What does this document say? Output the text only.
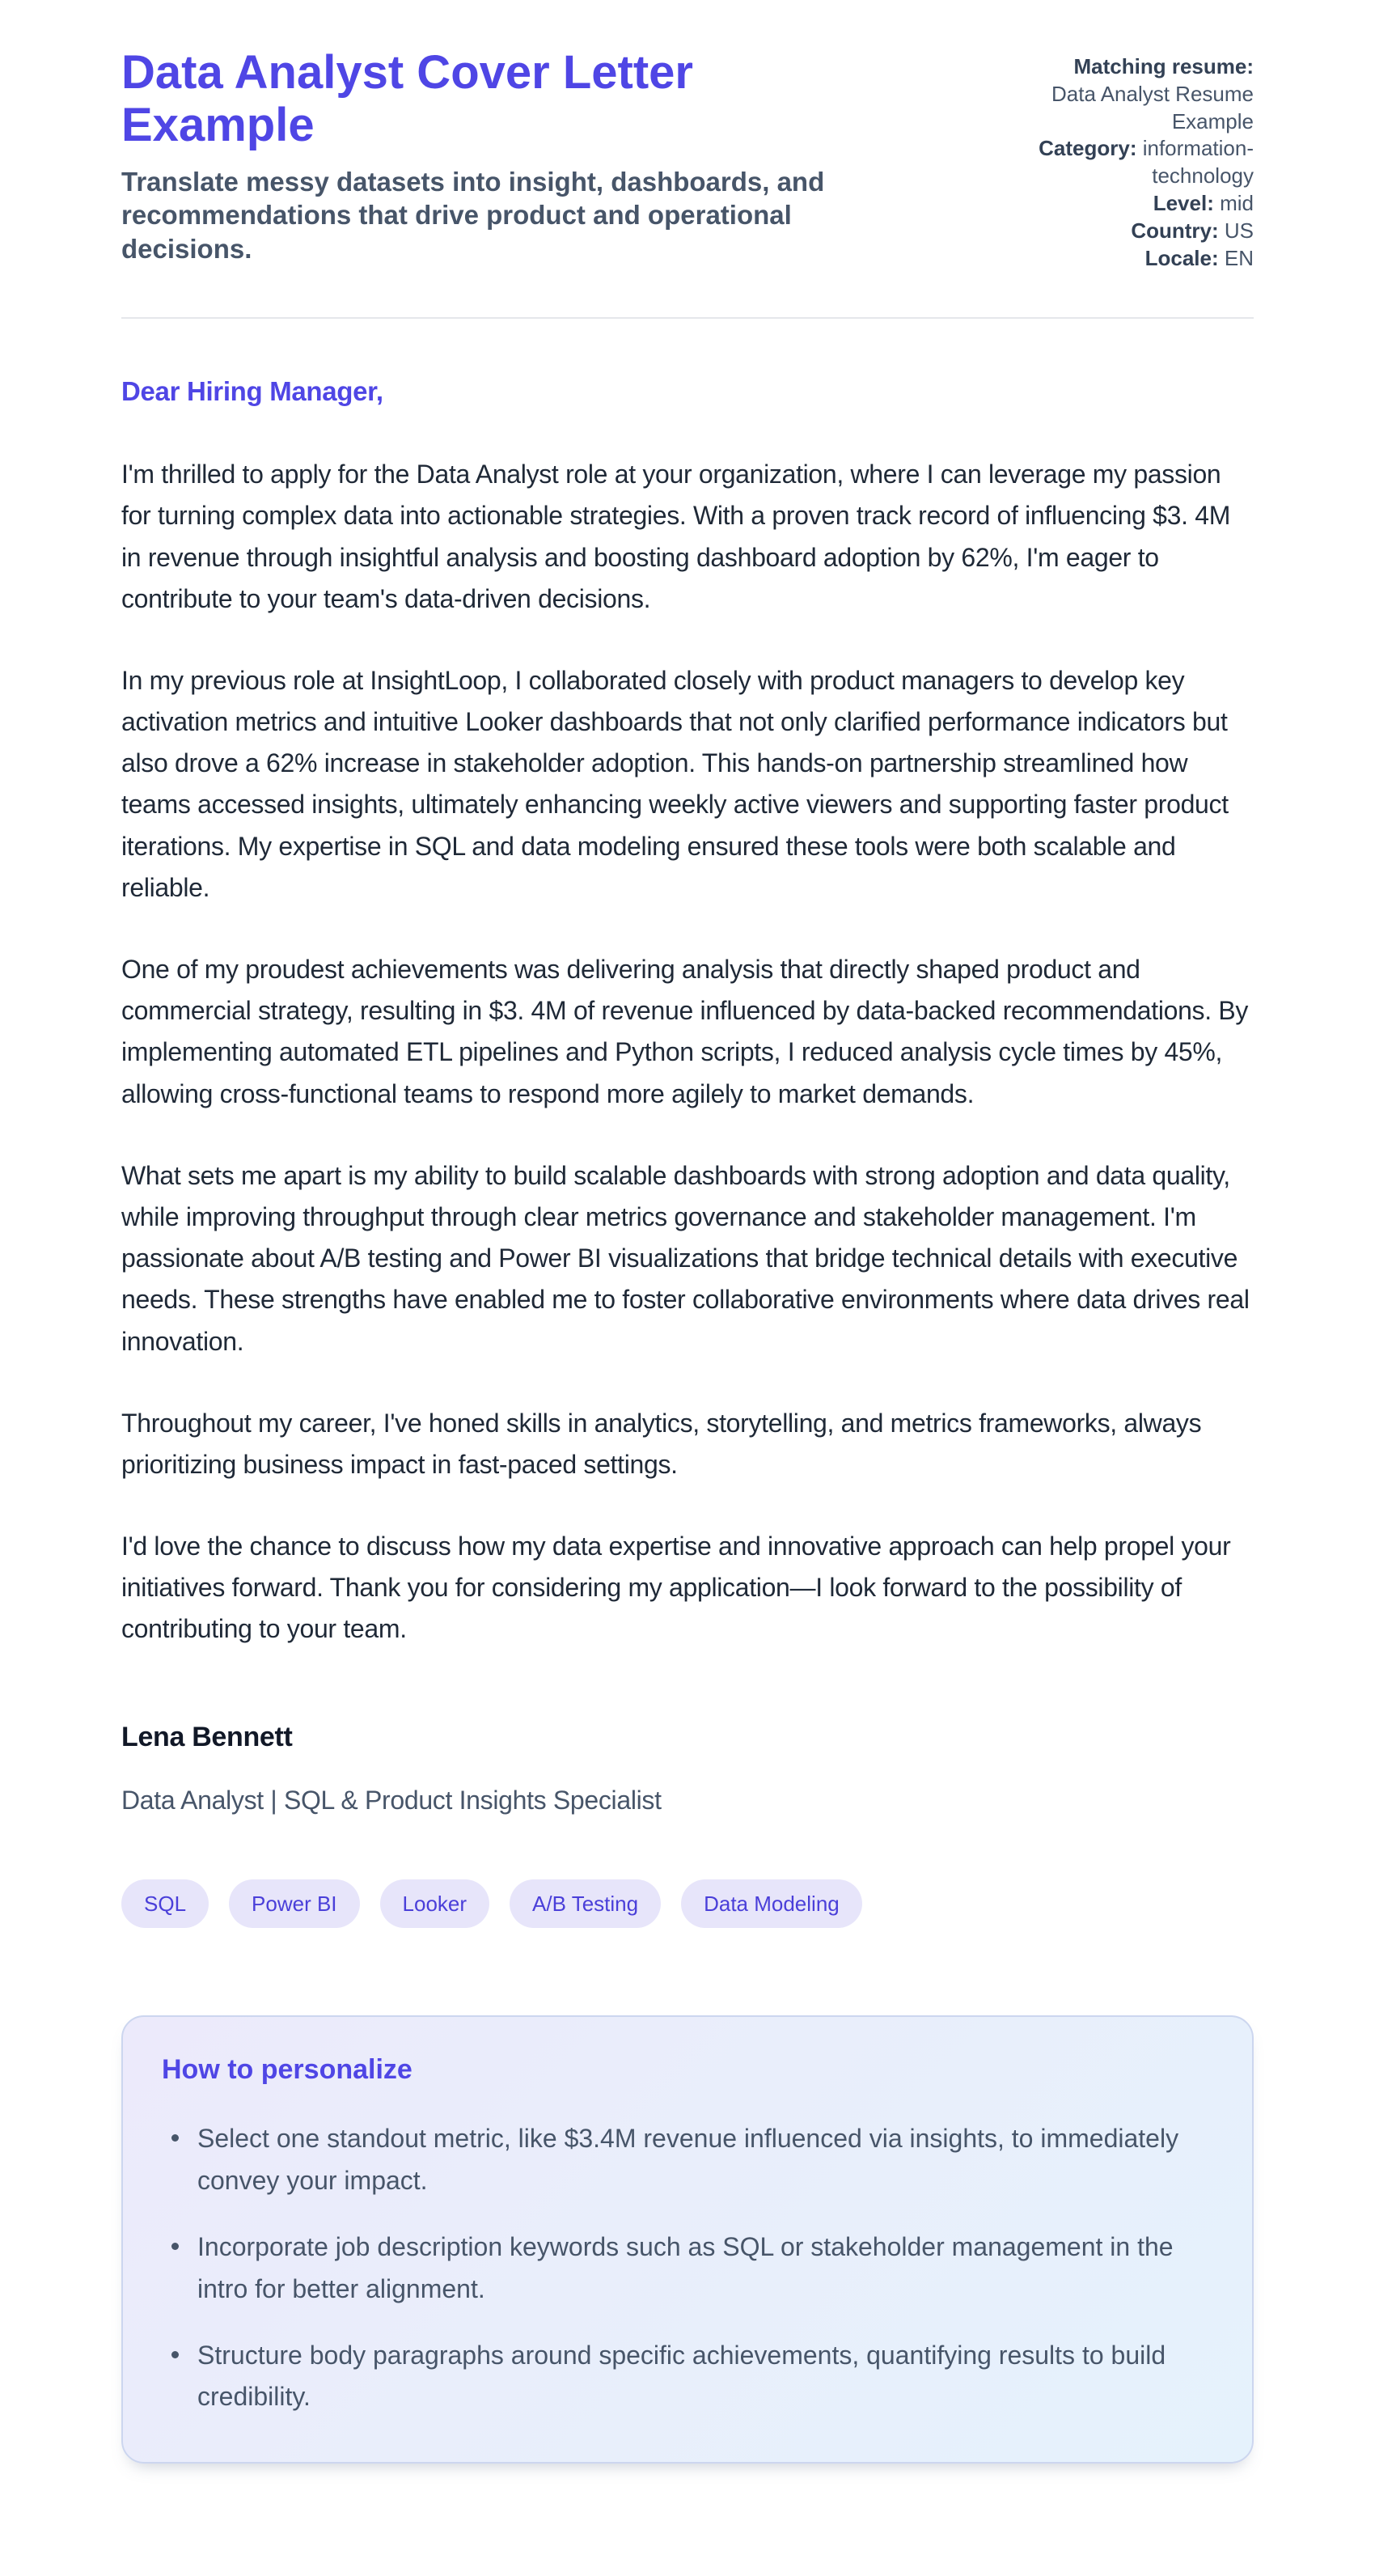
Data Analyst Cover Letter Example

Translate messy datasets into insight, dashboards, and recommendations that drive product and operational decisions.

Matching resume: Data Analyst Resume Example
Category: information-technology
Level: mid
Country: US
Locale: EN

Dear Hiring Manager,

I'm thrilled to apply for the Data Analyst role at your organization, where I can leverage my passion for turning complex data into actionable strategies. With a proven track record of influencing $3. 4M in revenue through insightful analysis and boosting dashboard adoption by 62%, I'm eager to contribute to your team's data-driven decisions.

In my previous role at InsightLoop, I collaborated closely with product managers to develop key activation metrics and intuitive Looker dashboards that not only clarified performance indicators but also drove a 62% increase in stakeholder adoption. This hands-on partnership streamlined how teams accessed insights, ultimately enhancing weekly active viewers and supporting faster product iterations. My expertise in SQL and data modeling ensured these tools were both scalable and reliable.

One of my proudest achievements was delivering analysis that directly shaped product and commercial strategy, resulting in $3. 4M of revenue influenced by data-backed recommendations. By implementing automated ETL pipelines and Python scripts, I reduced analysis cycle times by 45%, allowing cross-functional teams to respond more agilely to market demands.

What sets me apart is my ability to build scalable dashboards with strong adoption and data quality, while improving throughput through clear metrics governance and stakeholder management. I'm passionate about A/B testing and Power BI visualizations that bridge technical details with executive needs. These strengths have enabled me to foster collaborative environments where data drives real innovation.

Throughout my career, I've honed skills in analytics, storytelling, and metrics frameworks, always prioritizing business impact in fast-paced settings.

I'd love the chance to discuss how my data expertise and innovative approach can help propel your initiatives forward. Thank you for considering my application—I look forward to the possibility of contributing to your team.

Lena Bennett

Data Analyst | SQL & Product Insights Specialist

SQL	Power BI	Looker	A/B Testing	Data Modeling
How to personalize
Select one standout metric, like $3.4M revenue influenced via insights, to immediately convey your impact.
Incorporate job description keywords such as SQL or stakeholder management in the intro for better alignment.
Structure body paragraphs around specific achievements, quantifying results to build credibility.
